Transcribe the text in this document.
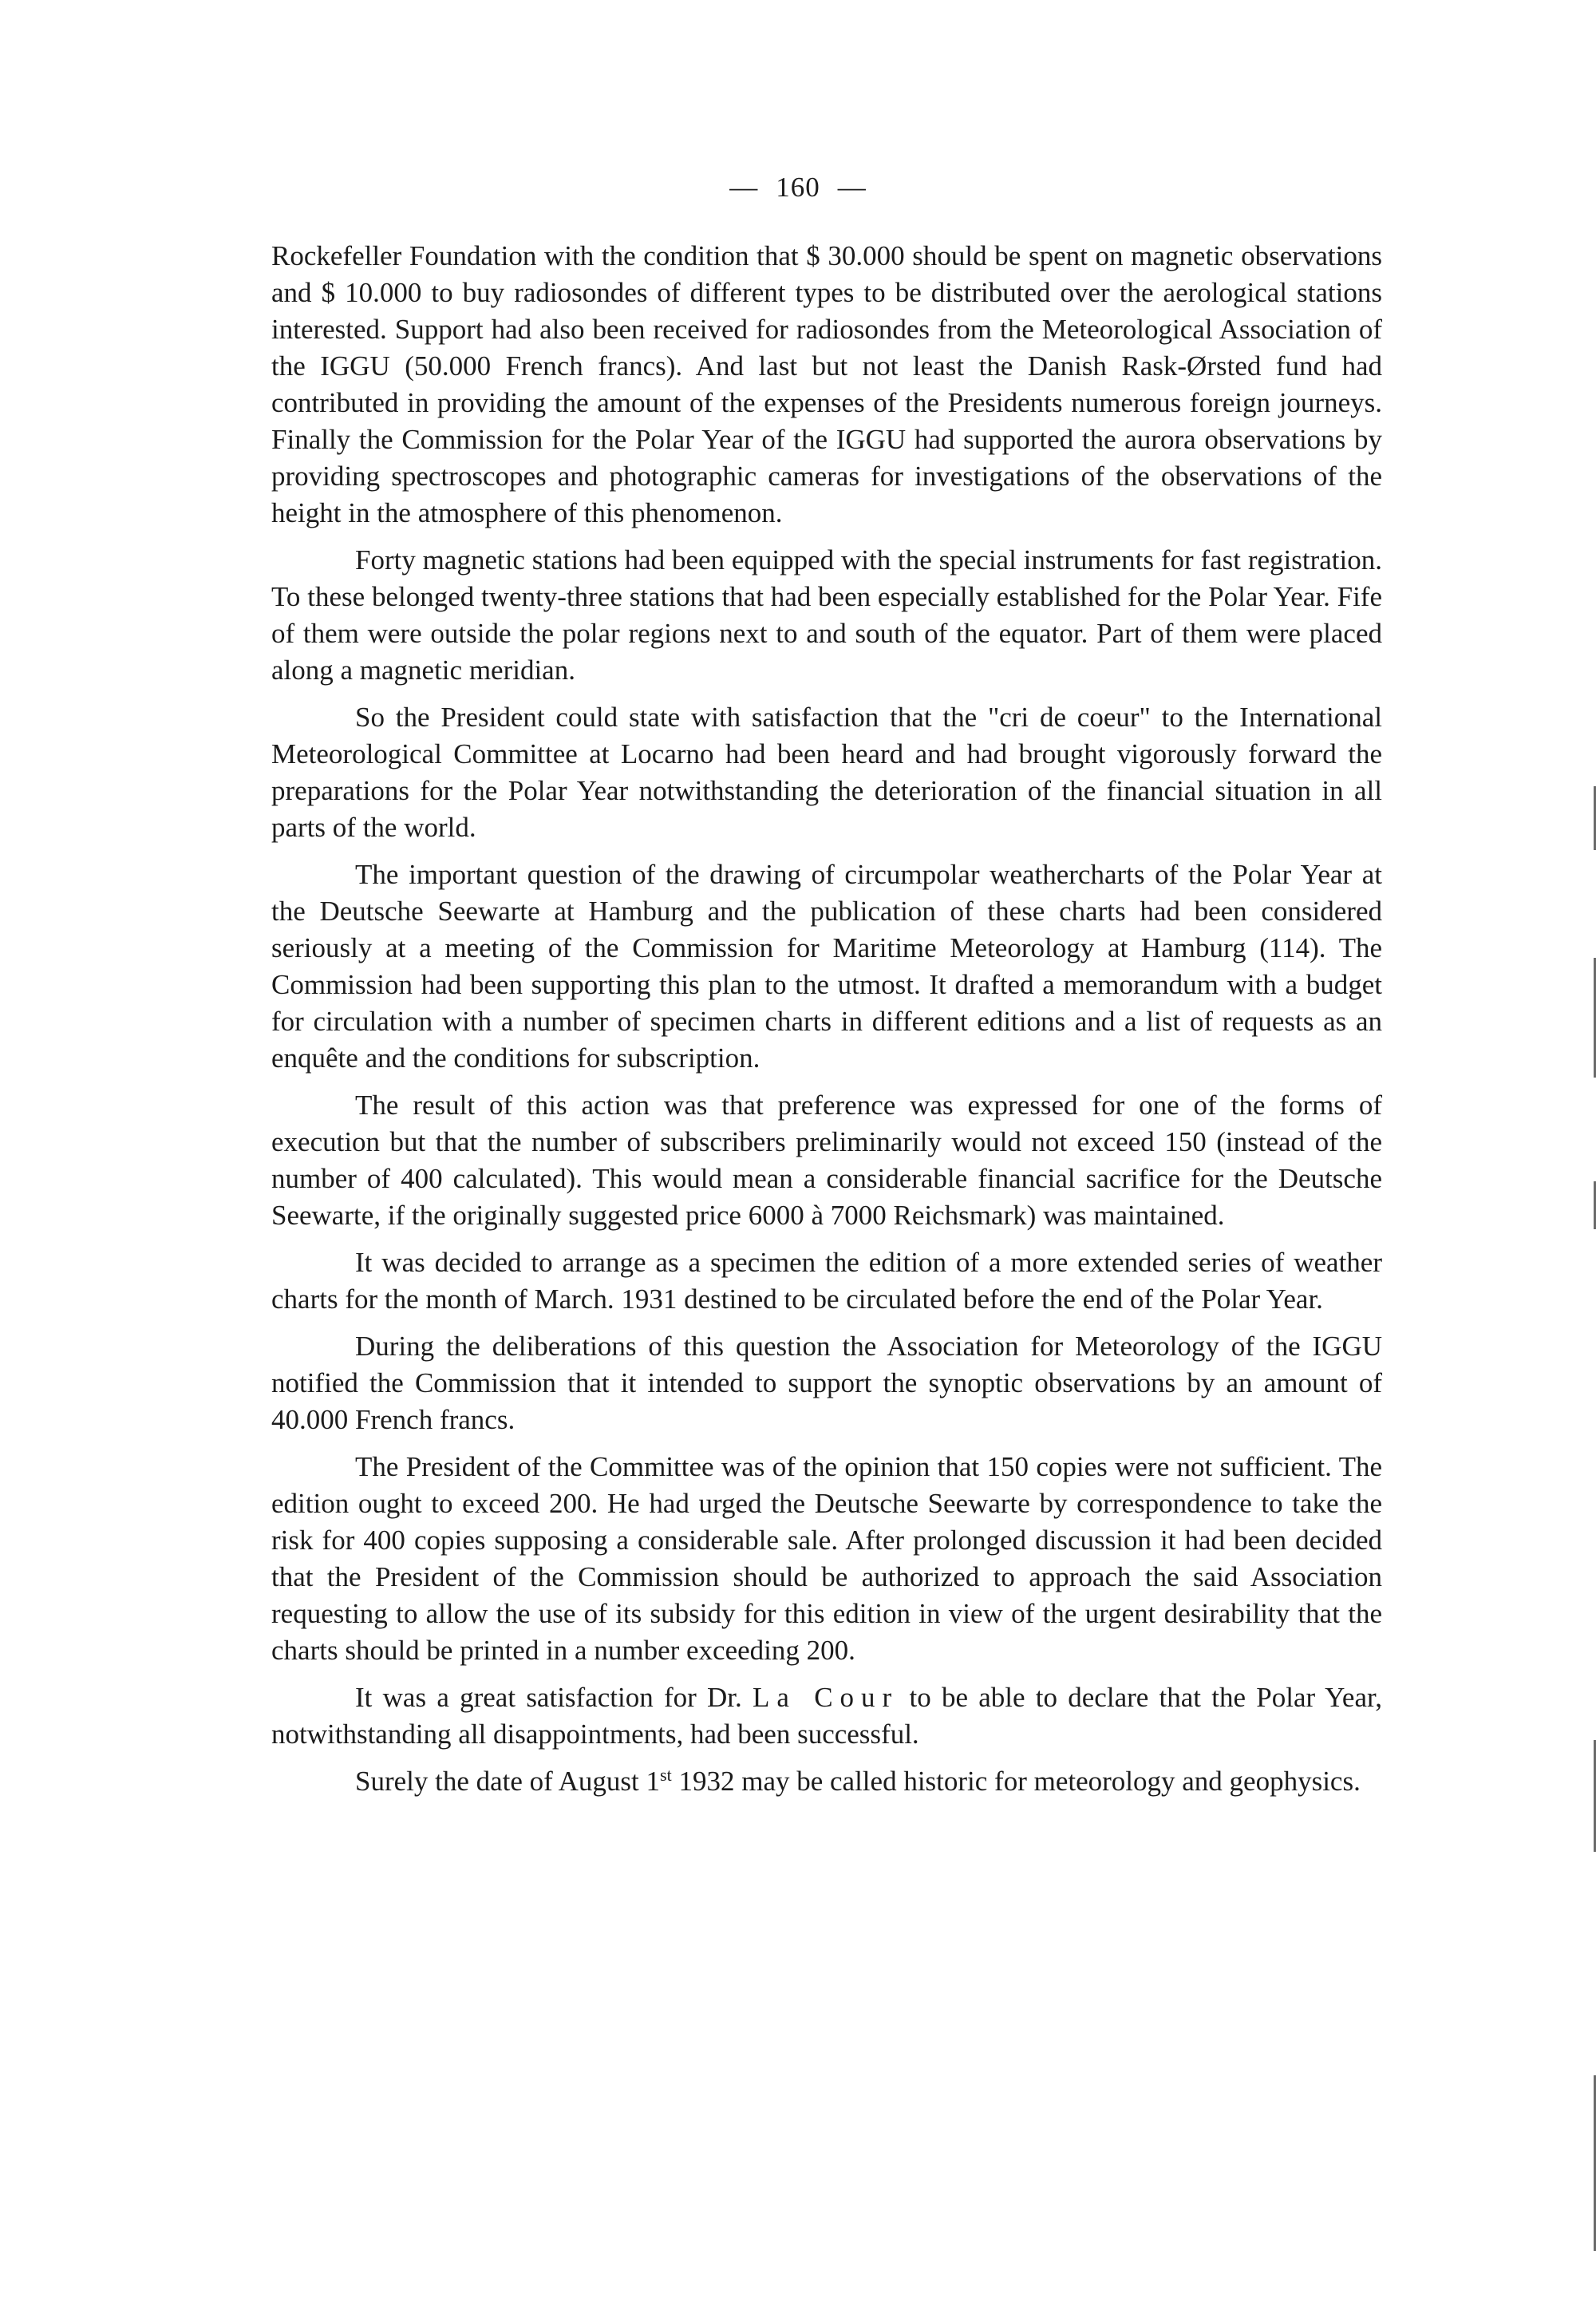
— 160 —

Rockefeller Foundation with the condition that $ 30.000 should be spent on magnetic observations and $ 10.000 to buy radiosondes of different types to be distributed over the aerological stations interested. Support had also been received for radiosondes from the Meteorological Association of the IGGU (50.000 French francs). And last but not least the Danish Rask-Ørsted fund had contributed in providing the amount of the expenses of the Presidents numerous foreign journeys. Finally the Commission for the Polar Year of the IGGU had supported the aurora observations by providing spectroscopes and photographic cameras for investigations of the observations of the height in the atmosphere of this phenomenon.

Forty magnetic stations had been equipped with the special instruments for fast registration. To these belonged twenty-three stations that had been especially established for the Polar Year. Fife of them were outside the polar regions next to and south of the equator. Part of them were placed along a magnetic meridian.

So the President could state with satisfaction that the "cri de coeur" to the International Meteorological Committee at Locarno had been heard and had brought vigorously forward the preparations for the Polar Year notwithstanding the deterioration of the financial situation in all parts of the world.

The important question of the drawing of circumpolar weathercharts of the Polar Year at the Deutsche Seewarte at Hamburg and the publication of these charts had been considered seriously at a meeting of the Commission for Maritime Meteorology at Hamburg (114). The Commission had been supporting this plan to the utmost. It drafted a memorandum with a budget for circulation with a number of specimen charts in different editions and a list of requests as an enquête and the conditions for subscription.

The result of this action was that preference was expressed for one of the forms of execution but that the number of subscribers preliminarily would not exceed 150 (instead of the number of 400 calculated). This would mean a considerable financial sacrifice for the Deutsche Seewarte, if the originally suggested price 6000 à 7000 Reichsmark) was maintained.

It was decided to arrange as a specimen the edition of a more extended series of weather charts for the month of March. 1931 destined to be circulated before the end of the Polar Year.

During the deliberations of this question the Association for Meteorology of the IGGU notified the Commission that it intended to support the synoptic observations by an amount of 40.000 French francs.

The President of the Committee was of the opinion that 150 copies were not sufficient. The edition ought to exceed 200. He had urged the Deutsche Seewarte by correspondence to take the risk for 400 copies supposing a considerable sale. After prolonged discussion it had been decided that the President of the Commission should be authorized to approach the said Association requesting to allow the use of its subsidy for this edition in view of the urgent desirability that the charts should be printed in a number exceeding 200.

It was a great satisfaction for Dr. La Cour to be able to declare that the Polar Year, notwithstanding all disappointments, had been successful.

Surely the date of August 1st 1932 may be called historic for meteorology and geophysics.
